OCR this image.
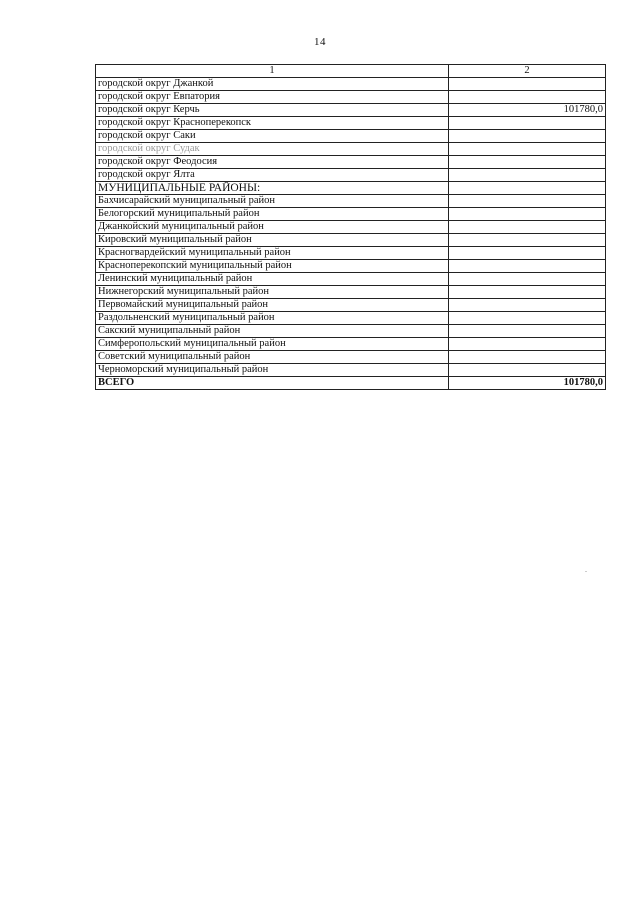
14
1	2
городской округ Джанкой	
городской округ Евпатория	
городской округ Керчь	101780,0
городской округ Красноперекопск	
городской округ Саки	
городской округ Судак	
городской округ Феодосия	
городской округ Ялта	
МУНИЦИПАЛЬНЫЕ РАЙОНЫ:	
Бахчисарайский муниципальный район	
Белогорский муниципальный район	
Джанкойский муниципальный район	
Кировский муниципальный район	
Красногвардейский муниципальный район	
Красноперекопский муниципальный район	
Ленинский муниципальный район	
Нижнегорский муниципальный район	
Первомайский муниципальный район	
Раздольненский муниципальный район	
Сакский муниципальный район	
Симферопольский муниципальный район	
Советский муниципальный район	
Черноморский муниципальный район	
ВСЕГО	101780,0
